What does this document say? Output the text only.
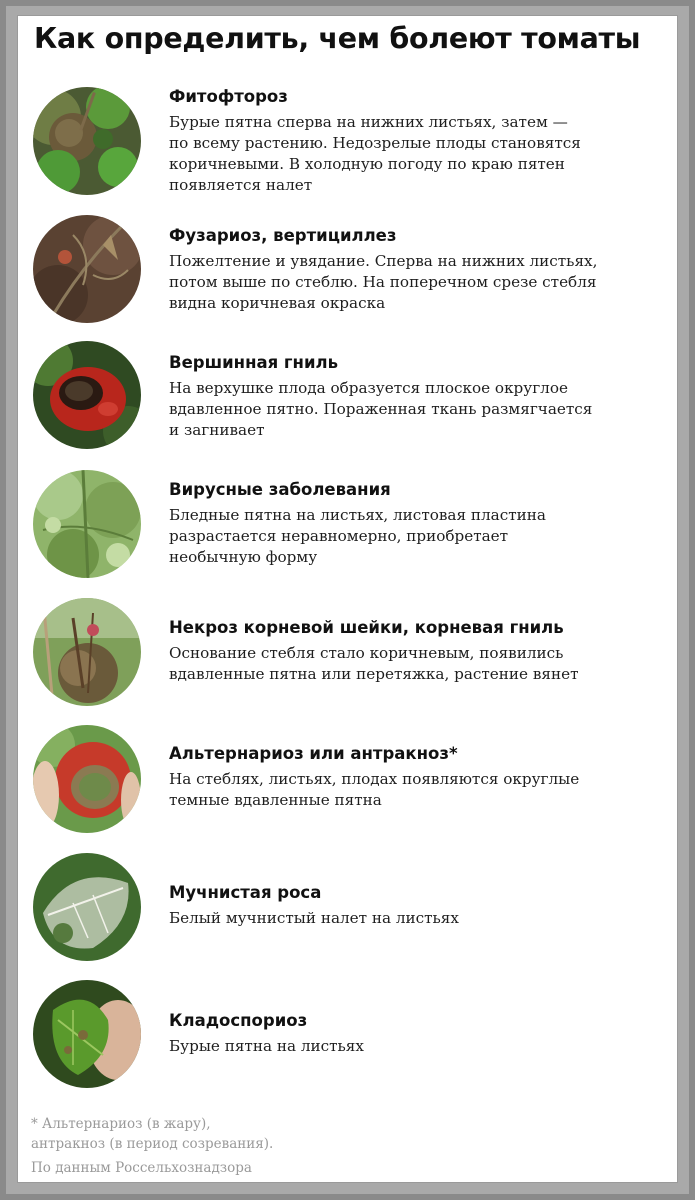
Как определить, чем болеют томаты
Фитофтороз
Бурые пятна сперва на нижних листьях, затем —
по всему растению. Недозрелые плоды становятся
коричневыми. В холодную погоду по краю пятен
появляется налет
Фузариоз, вертициллез
Пожелтение и увядание. Сперва на нижних листьях,
потом выше по стеблю. На поперечном срезе стебля
видна коричневая окраска
Вершинная гниль
На верхушке плода образуется плоское округлое
вдавленное пятно. Пораженная ткань размягчается
и загнивает
Вирусные заболевания
Бледные пятна на листьях, листовая пластина
разрастается неравномерно, приобретает
необычную форму
Некроз корневой шейки, корневая гниль
Основание стебля стало коричневым, появились
вдавленные пятна или перетяжка, растение вянет
Альтернариоз или антракноз*
На стеблях, листьях, плодах появляются округлые
темные вдавленные пятна
Мучнистая роса
Белый мучнистый налет на листьях
Кладоспориоз
Бурые пятна на листьях
* Альтернариоз (в жару),
антракноз (в период созревания).
По данным Россельхознадзора
